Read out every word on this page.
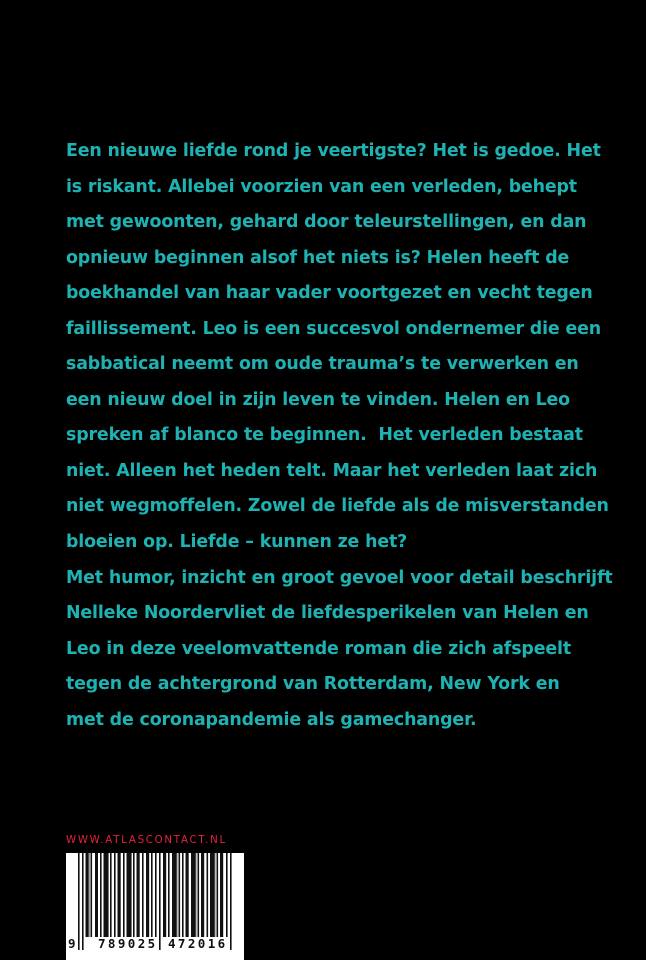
Een nieuwe liefde rond je veertigste? Het is gedoe. Het
is riskant. Allebei voorzien van een verleden, behept
met gewoonten, gehard door teleurstellingen, en dan
opnieuw beginnen alsof het niets is? Helen heeft de
boekhandel van haar vader voortgezet en vecht tegen
faillissement. Leo is een succesvol ondernemer die een
sabbatical neemt om oude trauma’s te verwerken en
een nieuw doel in zijn leven te vinden. Helen en Leo
spreken af blanco te beginnen.  Het verleden bestaat
niet. Alleen het heden telt. Maar het verleden laat zich
niet wegmoffelen. Zowel de liefde als de misverstanden
bloeien op. Liefde – kunnen ze het?
Met humor, inzicht en groot gevoel voor detail beschrijft
Nelleke Noordervliet de liefdesperikelen van Helen en
Leo in deze veelomvattende roman die zich afspeelt
tegen de achtergrond van Rotterdam, New York en
met de coronapandemie als gamechanger.
WWW.ATLASCONTACT.NL
9 789025 472016
